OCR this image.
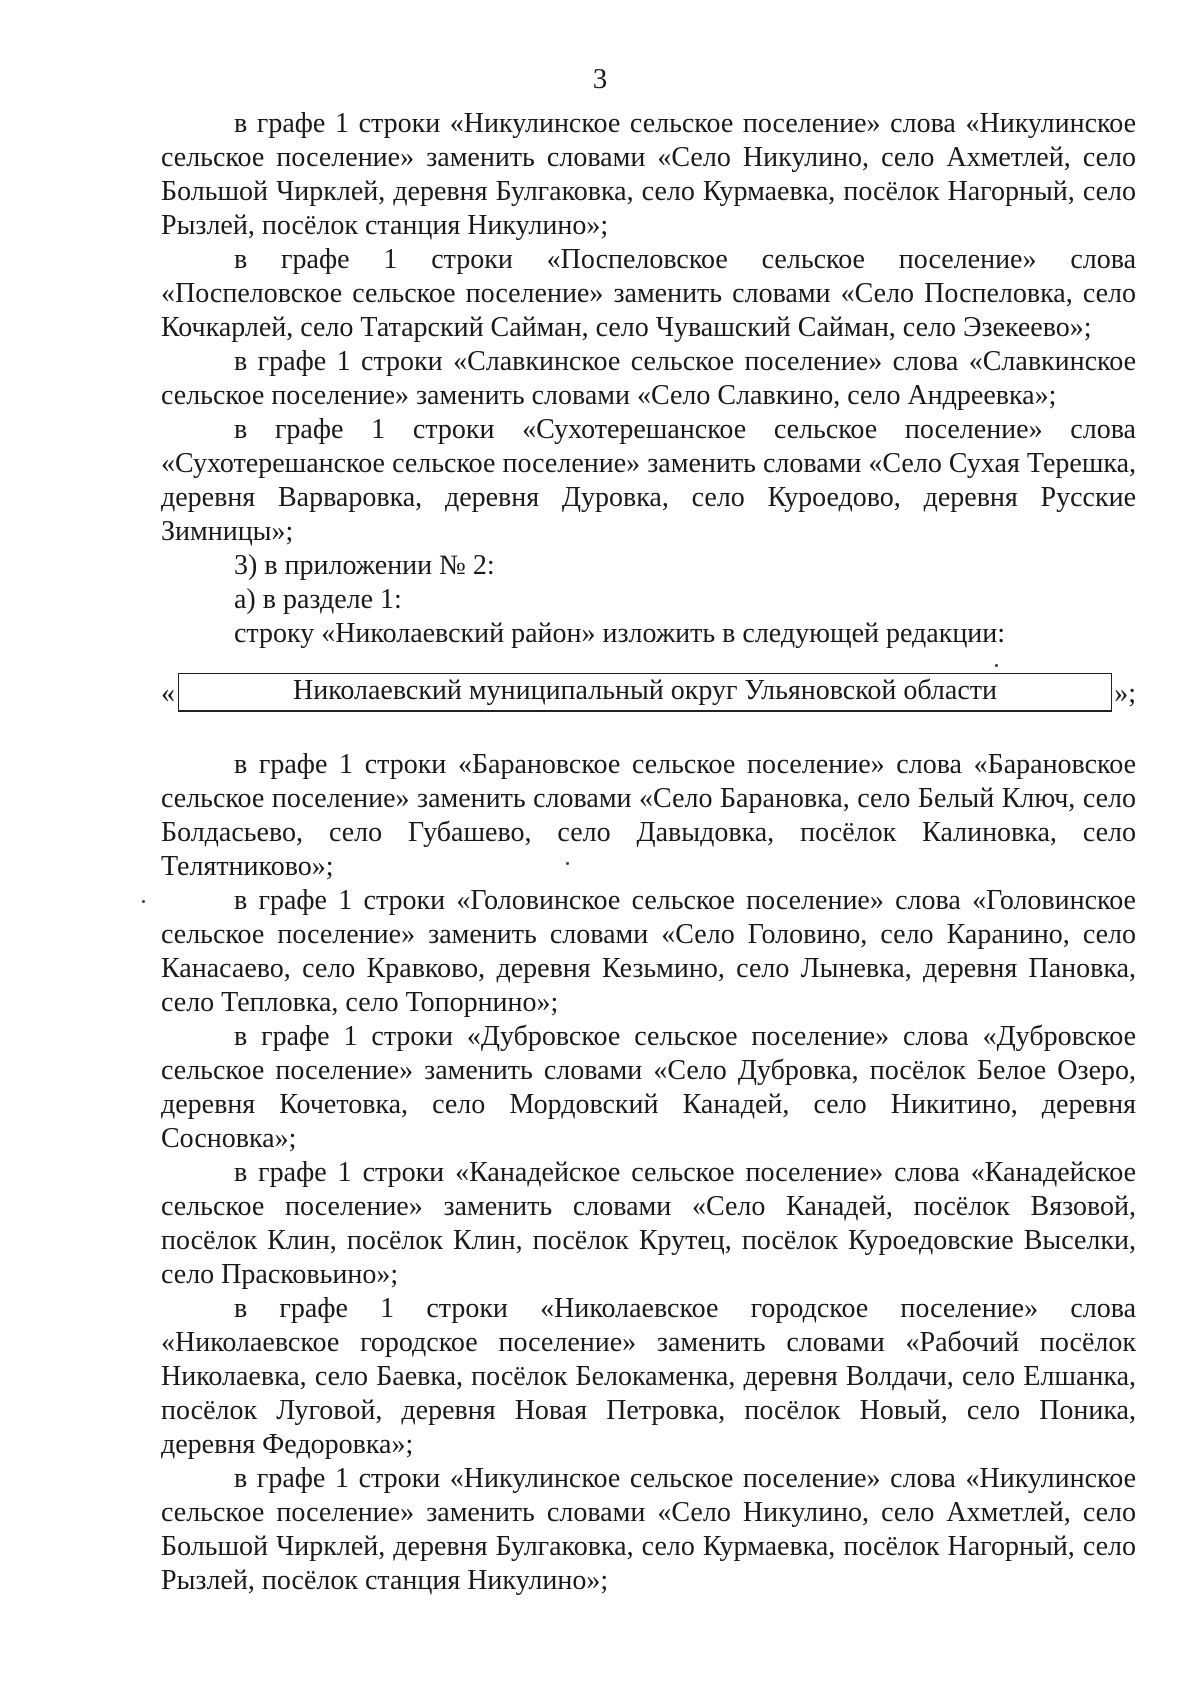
3

в графе 1 строки «Никулинское сельское поселение» слова «Никулинское сельское поселение» заменить словами «Село Никулино, село Ахметлей, село Большой Чирклей, деревня Булгаковка, село Курмаевка, посёлок Нагорный, село Рызлей, посёлок станция Никулино»;

в графе 1 строки «Поспеловское сельское поселение» слова «Поспеловское сельское поселение» заменить словами «Село Поспеловка, село Кочкарлей, село Татарский Сайман, село Чувашский Сайман, село Эзекеево»;

в графе 1 строки «Славкинское сельское поселение» слова «Славкинское сельское поселение» заменить словами «Село Славкино, село Андреевка»;

в графе 1 строки «Сухотерешанское сельское поселение» слова «Сухотерешанское сельское поселение» заменить словами «Село Сухая Терешка, деревня Варваровка, деревня Дуровка, село Куроедово, деревня Русские Зимницы»;

3) в приложении № 2:

а) в разделе 1:

строку «Николаевский район» изложить в следующей редакции:

«	Николаевский муниципальный округ Ульяновской области	»;

в графе 1 строки «Барановское сельское поселение» слова «Барановское сельское поселение» заменить словами «Село Барановка, село Белый Ключ, село Болдасьево, село Губашево, село Давыдовка, посёлок Калиновка, село Телятниково»;

в графе 1 строки «Головинское сельское поселение» слова «Головинское сельское поселение» заменить словами «Село Головино, село Каранино, село Канасаево, село Кравково, деревня Кезьмино, село Лыневка, деревня Пановка, село Тепловка, село Топорнино»;

в графе 1 строки «Дубровское сельское поселение» слова «Дубровское сельское поселение» заменить словами «Село Дубровка, посёлок Белое Озеро, деревня Кочетовка, село Мордовский Канадей, село Никитино, деревня Сосновка»;

в графе 1 строки «Канадейское сельское поселение» слова «Канадейское сельское поселение» заменить словами «Село Канадей, посёлок Вязовой, посёлок Клин, посёлок Клин, посёлок Крутец, посёлок Куроедовские Выселки, село Прасковьино»;

в графе 1 строки «Николаевское городское поселение» слова «Николаевское городское поселение» заменить словами «Рабочий посёлок Николаевка, село Баевка, посёлок Белокаменка, деревня Волдачи, село Елшанка, посёлок Луговой, деревня Новая Петровка, посёлок Новый, село Поника, деревня Федоровка»;

в графе 1 строки «Никулинское сельское поселение» слова «Никулинское сельское поселение» заменить словами «Село Никулино, село Ахметлей, село Большой Чирклей, деревня Булгаковка, село Курмаевка, посёлок Нагорный, село Рызлей, посёлок станция Никулино»;
